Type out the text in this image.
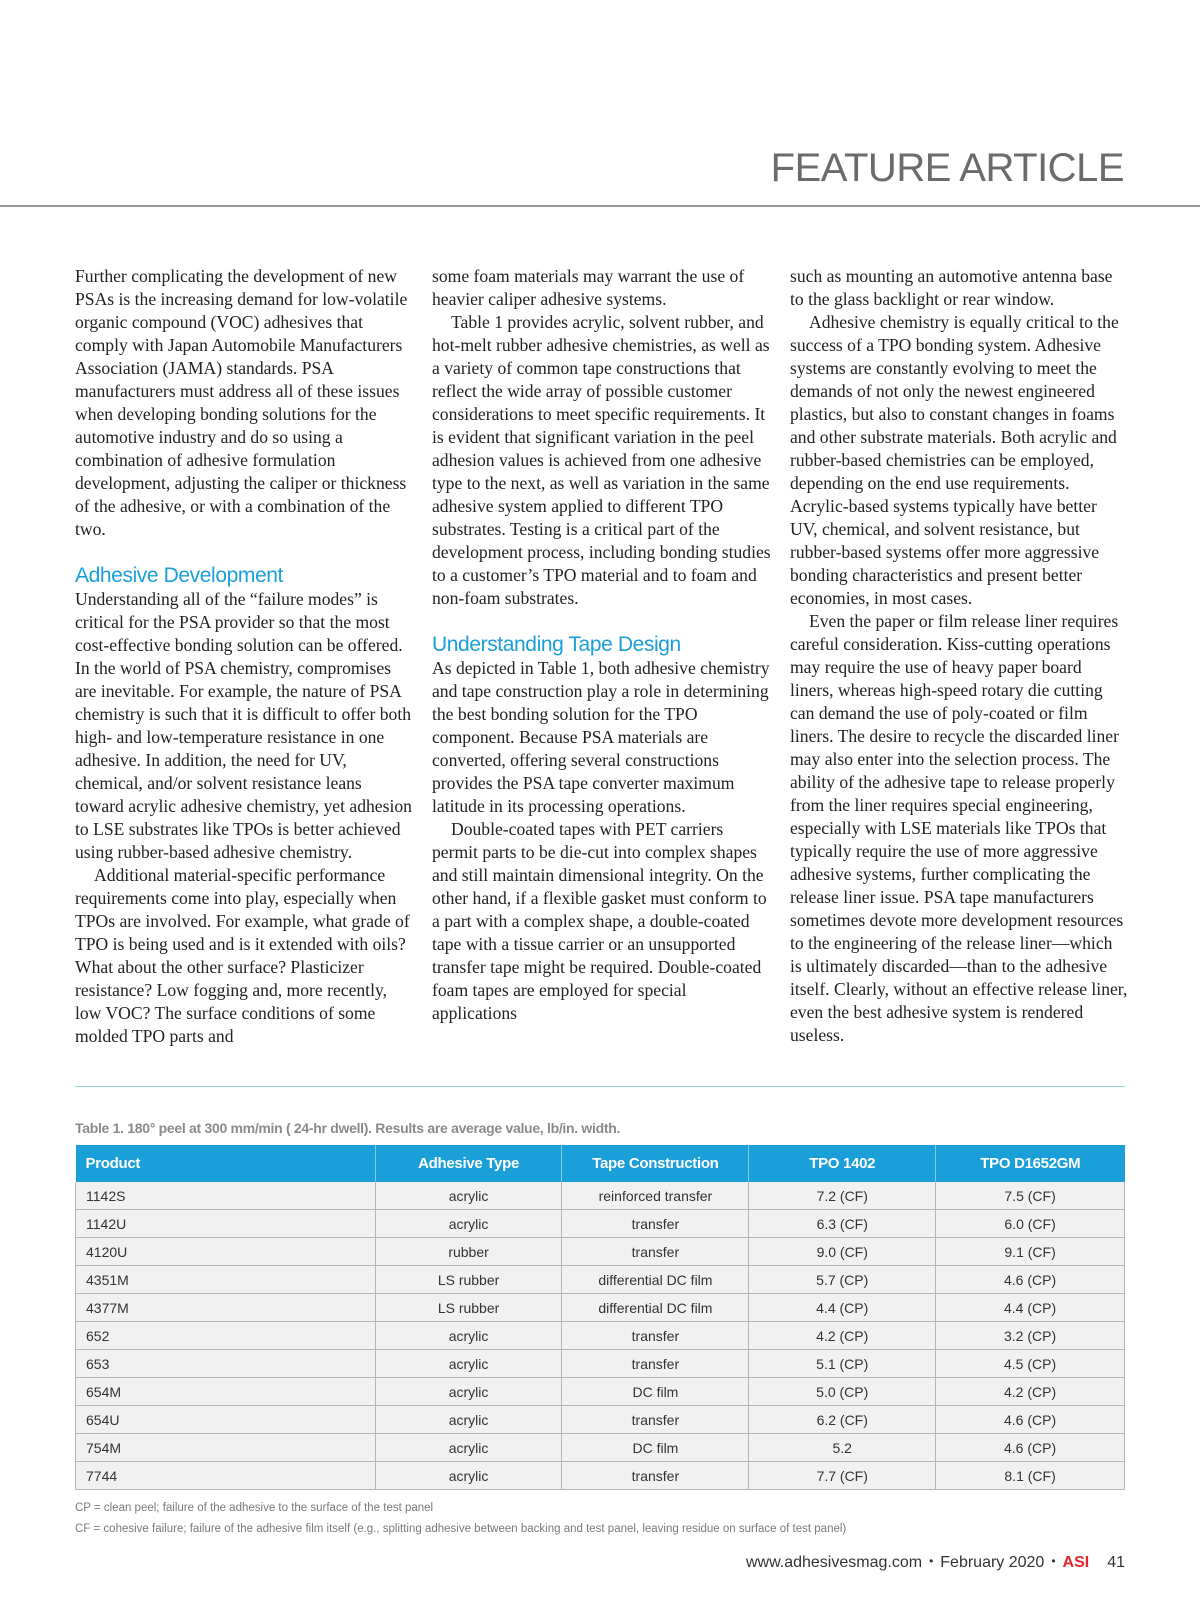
FEATURE ARTICLE

Further complicating the development of new PSAs is the increasing demand for low-volatile organic compound (VOC) adhesives that comply with Japan Automobile Manufacturers Association (JAMA) standards. PSA manufacturers must address all of these issues when developing bonding solutions for the automotive industry and do so using a combination of adhesive formulation development, adjusting the caliper or thickness of the adhesive, or with a combination of the two.

Adhesive Development

Understanding all of the “failure modes” is critical for the PSA provider so that the most cost-effective bonding solution can be offered. In the world of PSA chemistry, compromises are inevitable. For example, the nature of PSA chemistry is such that it is difficult to offer both high- and low-temperature resistance in one adhesive. In addition, the need for UV, chemical, and/or solvent resistance leans toward acrylic adhesive chemistry, yet adhesion to LSE substrates like TPOs is better achieved using rubber-based adhesive chemistry.

Additional material-specific performance requirements come into play, especially when TPOs are involved. For example, what grade of TPO is being used and is it extended with oils? What about the other surface? Plasticizer resistance? Low fogging and, more recently, low VOC? The surface conditions of some molded TPO parts and

some foam materials may warrant the use of heavier caliper adhesive systems.

Table 1 provides acrylic, solvent rubber, and hot-melt rubber adhesive chemistries, as well as a variety of common tape constructions that reflect the wide array of possible customer considerations to meet specific requirements. It is evident that significant variation in the peel adhesion values is achieved from one adhesive type to the next, as well as variation in the same adhesive system applied to different TPO substrates. Testing is a critical part of the development process, including bonding studies to a customer’s TPO material and to foam and non-foam substrates.

Understanding Tape Design

As depicted in Table 1, both adhesive chemistry and tape construction play a role in determining the best bonding solution for the TPO component. Because PSA materials are converted, offering several constructions provides the PSA tape converter maximum latitude in its processing operations.

Double-coated tapes with PET carriers permit parts to be die-cut into complex shapes and still maintain dimensional integrity. On the other hand, if a flexible gasket must conform to a part with a complex shape, a double-coated tape with a tissue carrier or an unsupported transfer tape might be required. Double-coated foam tapes are employed for special applications

such as mounting an automotive antenna base to the glass backlight or rear window.

Adhesive chemistry is equally critical to the success of a TPO bonding system. Adhesive systems are constantly evolving to meet the demands of not only the newest engineered plastics, but also to constant changes in foams and other substrate materials. Both acrylic and rubber-based chemistries can be employed, depending on the end use requirements. Acrylic-based systems typically have better UV, chemical, and solvent resistance, but rubber-based systems offer more aggressive bonding characteristics and present better economies, in most cases.

Even the paper or film release liner requires careful consideration. Kiss-cutting operations may require the use of heavy paper board liners, whereas high-speed rotary die cutting can demand the use of poly-coated or film liners. The desire to recycle the discarded liner may also enter into the selection process. The ability of the adhesive tape to release properly from the liner requires special engineering, especially with LSE materials like TPOs that typically require the use of more aggressive adhesive systems, further complicating the release liner issue. PSA tape manufacturers sometimes devote more development resources to the engineering of the release liner—which is ultimately discarded—than to the adhesive itself. Clearly, without an effective release liner, even the best adhesive system is rendered useless.

Table 1. 180° peel at 300 mm/min ( 24-hr dwell). Results are average value, lb/in. width.
Product	Adhesive Type	Tape Construction	TPO 1402	TPO D1652GM
1142S	acrylic	reinforced transfer	7.2 (CF)	7.5 (CF)
1142U	acrylic	transfer	6.3 (CF)	6.0 (CF)
4120U	rubber	transfer	9.0 (CF)	9.1 (CF)
4351M	LS rubber	differential DC film	5.7 (CP)	4.6 (CP)
4377M	LS rubber	differential DC film	4.4 (CP)	4.4 (CP)
652	acrylic	transfer	4.2 (CP)	3.2 (CP)
653	acrylic	transfer	5.1 (CP)	4.5 (CP)
654M	acrylic	DC film	5.0 (CP)	4.2 (CP)
654U	acrylic	transfer	6.2 (CF)	4.6 (CP)
754M	acrylic	DC film	5.2	4.6 (CP)
7744	acrylic	transfer	7.7 (CF)	8.1 (CF)
CP = clean peel; failure of the adhesive to the surface of the test panel
CF = cohesive failure; failure of the adhesive film itself (e.g., splitting adhesive between backing and test panel, leaving residue on surface of test panel)
www.adhesivesmag.com • February 2020 • ASI 41
